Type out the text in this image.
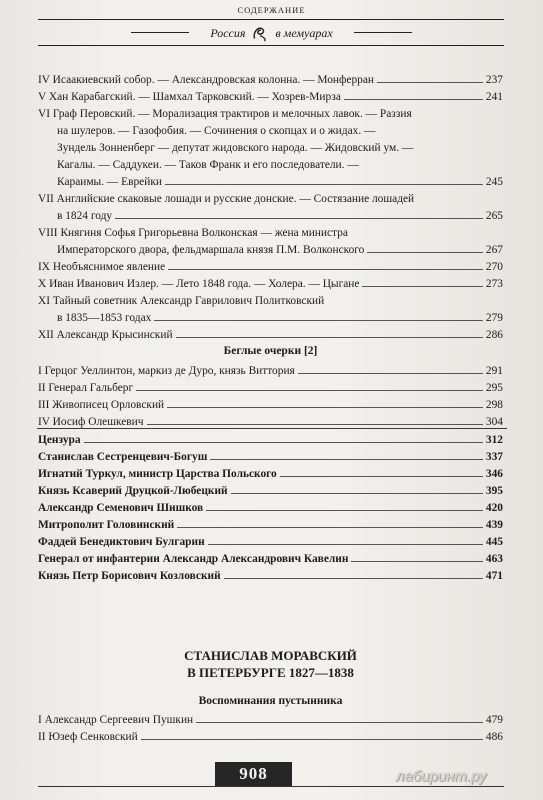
СОДЕРЖАНИЕ
Россия	в мемуарах
IV Исаакиевский собор. — Александровская колонна. — Монферран	237
V Хан Карабагский. — Шамхал Тарковский. — Хозрев-Мирза	241
VI Граф Перовский. — Морализация трактиров и мелочных лавок. — Раззия
на шулеров. — Газофобия. — Сочинения о скопцах и о жидах. —
Зундель Зонненберг — депутат жидовского народа. — Жидовский ум. —
Кагалы. — Саддукеи. — Таков Франк и его последователи. —
Караимы. — Еврейки	245
VII Английские скаковые лошади и русские донские. — Состязание лошадей
в 1824 году	265
VIII Княгиня Софья Григорьевна Волконская — жена министра
Императорского двора, фельдмаршала князя П.М. Волконского	267
IX Необъяснимое явление	270
X Иван Иванович Излер. — Лето 1848 года. — Холера. — Цыгане	273
XI Тайный советник Александр Гаврилович Политковский
в 1835—1853 годах	279
XII Александр Крысинский	286
Беглые очерки [2]
I Герцог Уеллинтон, маркиз де Дуро, князь Виттория	291
II Генерал Гальберг	295
III Живописец Орловский	298
IV Иосиф Олешкевич	304
Цензура	312
Станислав Сестренцевич-Богуш	337
Игнатий Туркул, министр Царства Польского	346
Князь Ксаверий Друцкой-Любецкий	395
Александр Семенович Шишков	420
Митрополит Головинский	439
Фаддей Бенедиктович Булгарин	445
Генерал от инфантерии Александр Александрович Кавелин	463
Князь Петр Борисович Козловский	471
СТАНИСЛАВ МОРАВСКИЙ
В ПЕТЕРБУРГЕ 1827—1838
Воспоминания пустынника
I Александр Сергеевич Пушкин	479
II Юзеф Сенковский	486
908	лабиринт.ру
